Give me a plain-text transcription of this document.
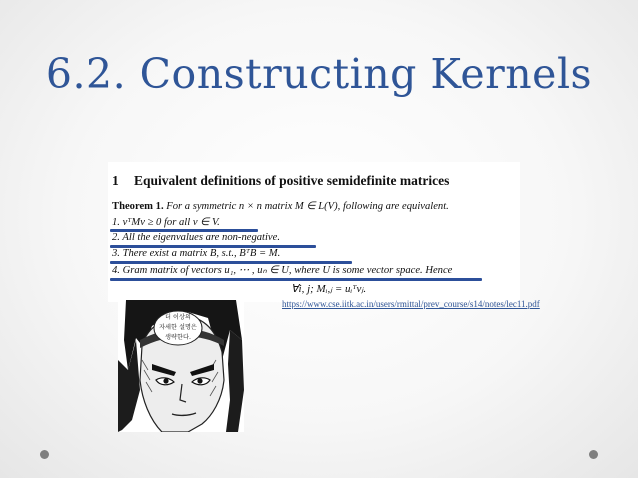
6.2. Constructing Kernels
1 Equivalent definitions of positive semidefinite matrices
Theorem 1. For a symmetric n × n matrix M ∈ L(V), following are equivalent.
1. vᵀMv ≥ 0 for all v ∈ V.
2. All the eigenvalues are non-negative.
3. There exist a matrix B, s.t., BᵀB = M.
4. Gram matrix of vectors u₁, ⋯ , uₙ ∈ U, where U is some vector space. Hence
∀i, j; Mᵢ,ⱼ = uᵢᵀvⱼ.
https://www.cse.iitk.ac.in/users/rmittal/prev_course/s14/notes/lec11.pdf
더 이상의
자세한 설명은
생략한다.
